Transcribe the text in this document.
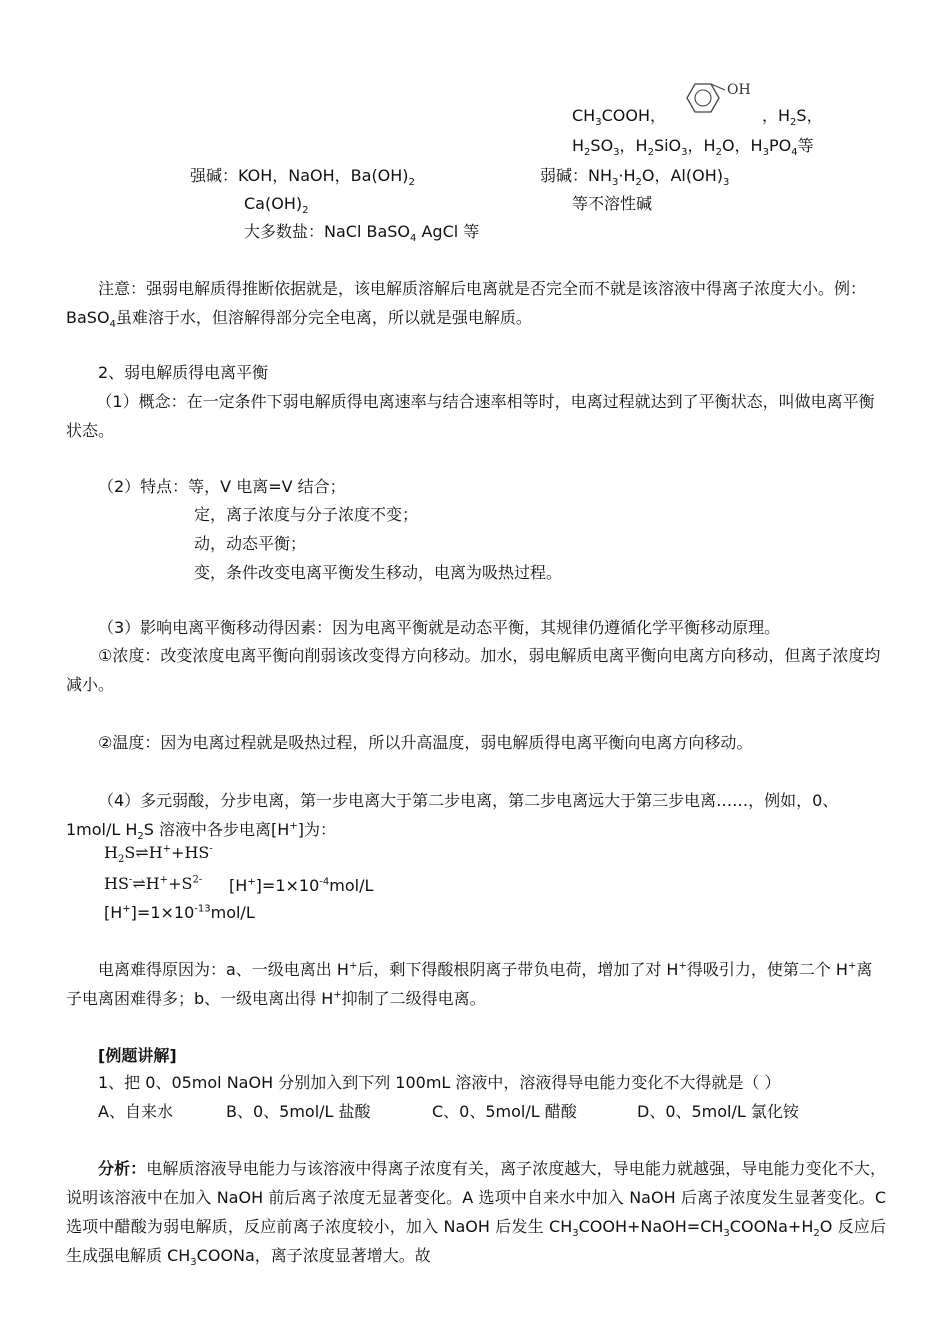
$CH_3COOH$，
OH
，$H_2S$，
$H_2SO_3$，$H_2SiO_3$，$H_2O$，$H_3PO_4$等
强碱：KOH，NaOH，$Ba(OH)_2$
$Ca(OH)_2$
大多数盐：NaCl BaSO$_4$ AgCl 等
弱碱：$NH_3\cdot H_2O$，$Al(OH)_3$
等不溶性碱
注意：强弱电解质得推断依据就是，该电解质溶解后电离就是否完全而不就是该溶液中得离子浓度大小。例：BaSO$_4$虽难溶于水，但溶解得部分完全电离，所以就是强电解质。
2、弱电解质得电离平衡
（1）概念：在一定条件下弱电解质得电离速率与结合速率相等时，电离过程就达到了平衡状态，叫做电离平衡状态。
（2）特点：等，V 电离=V 结合；
定，离子浓度与分子浓度不变；
动，动态平衡；
变，条件改变电离平衡发生移动，电离为吸热过程。
（3）影响电离平衡移动得因素：因为电离平衡就是动态平衡，其规律仍遵循化学平衡移动原理。
①浓度：改变浓度电离平衡向削弱该改变得方向移动。加水，弱电解质电离平衡向电离方向移动，但离子浓度均减小。
②温度：因为电离过程就是吸热过程，所以升高温度，弱电解质得电离平衡向电离方向移动。
（4）多元弱酸，分步电离，第一步电离大于第二步电离，第二步电离远大于第三步电离……，例如，0、1mol/L $H_2S$ 溶液中各步电离[H+]为：
$H_2S\rightleftharpoons H^++HS^-$
$HS^-\rightleftharpoons H^++S^{2-}$ $[H^+]=1\times 10^{-4}mol/L$
$[H^+]=1\times 10^{-13}mol/L$
电离难得原因为：a、一级电离出 H+后，剩下得酸根阴离子带负电荷，增加了对 H+得吸引力，使第二个 H+离子电离困难得多；b、一级电离出得 H+抑制了二级得电离。
[例题讲解]
1、把 0、05mol NaOH 分别加入到下列 100mL 溶液中，溶液得导电能力变化不大得就是（ ）
A、自来水	B、0、5mol/L 盐酸	C、0、5mol/L 醋酸	D、0、5mol/L 氯化铵
分析：电解质溶液导电能力与该溶液中得离子浓度有关，离子浓度越大，导电能力就越强，导电能力变化不大，说明该溶液中在加入 NaOH 前后离子浓度无显著变化。A 选项中自来水中加入 NaOH 后离子浓度发生显著变化。C 选项中醋酸为弱电解质，反应前离子浓度较小，加入 NaOH 后发生 $CH_3COOH+NaOH=CH_3COONa+H_2O$ 反应后生成强电解质 $CH_3COONa$，离子浓度显著增大。故
